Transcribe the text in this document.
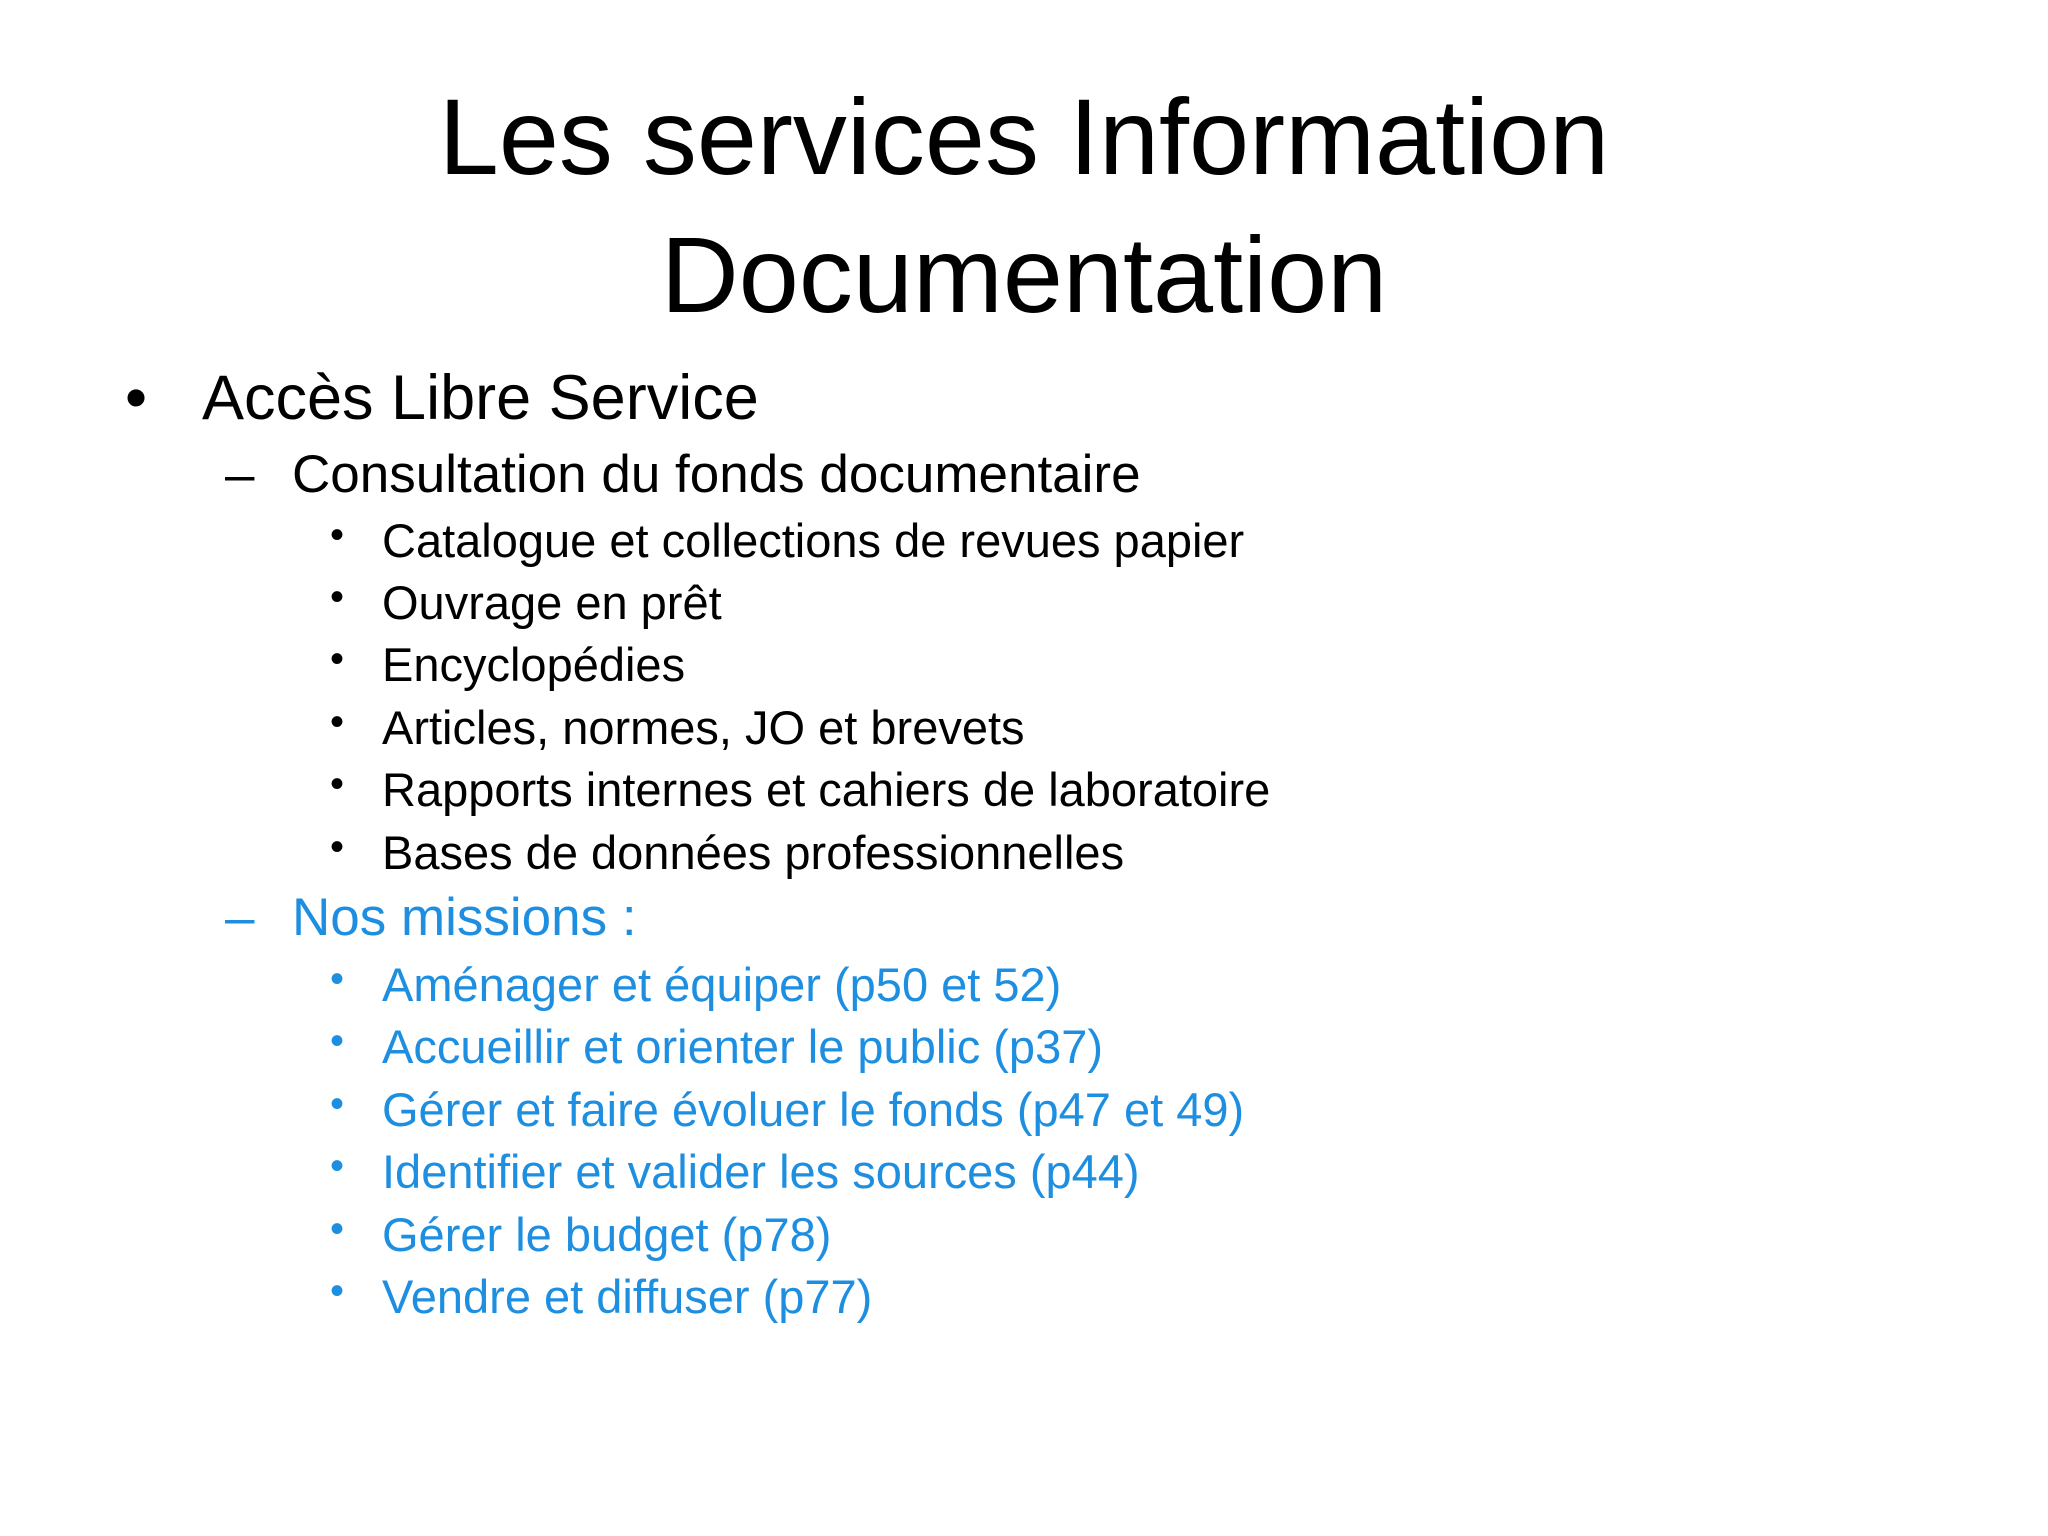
Les services Information
Documentation
• Accès Libre Service
– Consultation du fonds documentaire
• Catalogue et collections de revues papier
• Ouvrage en prêt
• Encyclopédies
• Articles, normes, JO et brevets
• Rapports internes et cahiers de laboratoire
• Bases de données professionnelles
– Nos missions :
• Aménager et équiper (p50 et 52)
• Accueillir et orienter le public (p37)
• Gérer et faire évoluer le fonds (p47 et 49)
• Identifier et valider les sources (p44)
• Gérer le budget (p78)
• Vendre et diffuser (p77)
